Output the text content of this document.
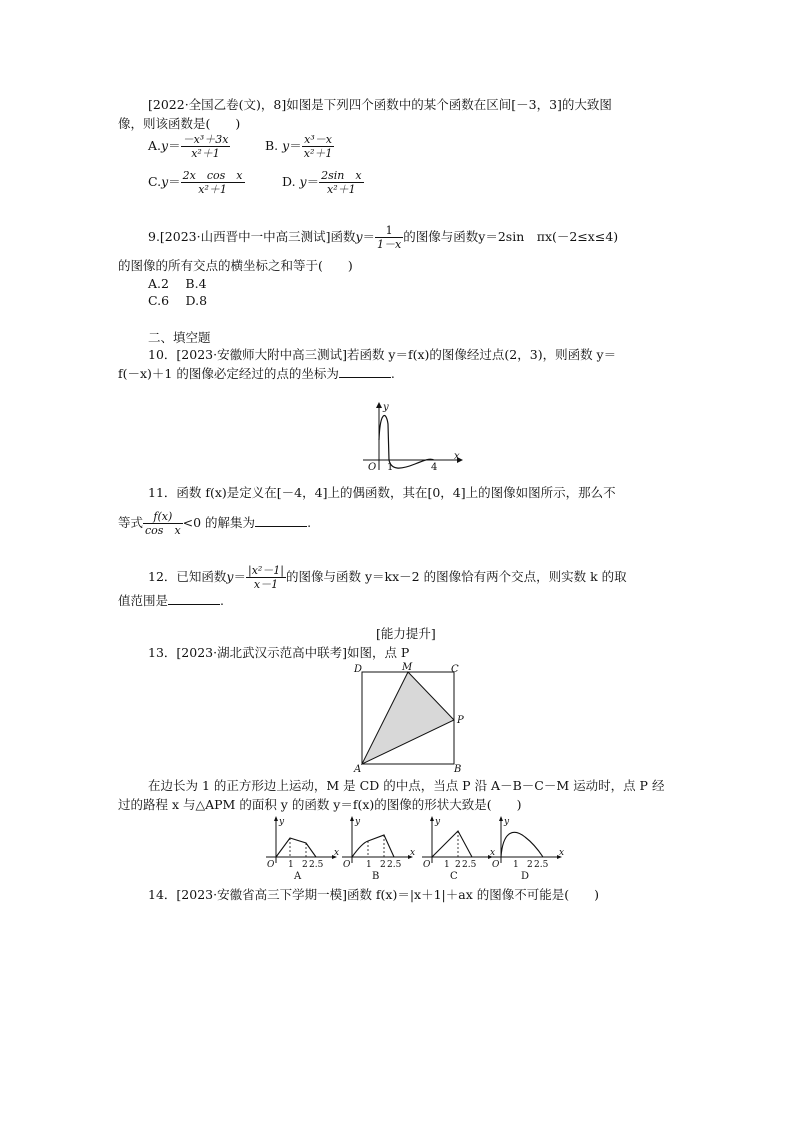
[2022·全国乙卷(文)，8]如图是下列四个函数中的某个函数在区间[－3，3]的大致图
像，则该函数是(　　)
$A.y= \frac{\text{－x³＋3x}}{\text{x²＋1}}$	B. $y= \frac{\text{x³－x}}{\text{x²＋1}}$
$C.y= \frac{\text{2x　cos　x}}{\text{x²＋1}}$	D. $y= \frac{\text{2sin　x}}{\text{x²＋1}}$
9.[2023·山西晋中一中高三测试]函数$y= \frac{1}{1-x}$ 的图像与函数y＝2sin　πx(－2≤x≤4)
的图像的所有交点的横坐标之和等于(　　)
A.2　 B.4
C.6　 D.8
二、填空题
10．[2023·安徽师大附中高三测试]若函数 y＝f(x)的图像经过点(2，3)，则函数 y＝
f(－x)＋1 的图像必定经过的点的坐标为	.
y
x
O 1	4
11．函数 f(x)是定义在[－4，4]上的偶函数，其在[0，4]上的图像如图所示，那么不
等式 $\frac{f(x)}{\text{cos　x}} <0$ 的解集为	.
12．已知函数$y= \frac{\text{|x²－1|}}{x-1}$ 的图像与函数 y＝kx－2 的图像恰有两个交点，则实数 k 的取
值范围是	.
[能力提升]
13．[2023·湖北武汉示范高中联考]如图，点 P
D	M	C
P
A	B
在边长为 1 的正方形边上运动，M 是 CD 的中点，当点 P 沿 A－B－C－M 运动时，点 P 经
过的路程 x 与△APM 的面积 y 的函数 y＝f(x)的图像的形状大致是(　　)
y
x
O 1 2 2.5
A
y
x
O 1 2 2.5
B
y
x
O 1 2 2.5
C
y
x
O 1 2 2.5
D
14．[2023·安徽省高三下学期一模]函数 f(x)＝|x＋1|＋ax 的图像不可能是(　　)
